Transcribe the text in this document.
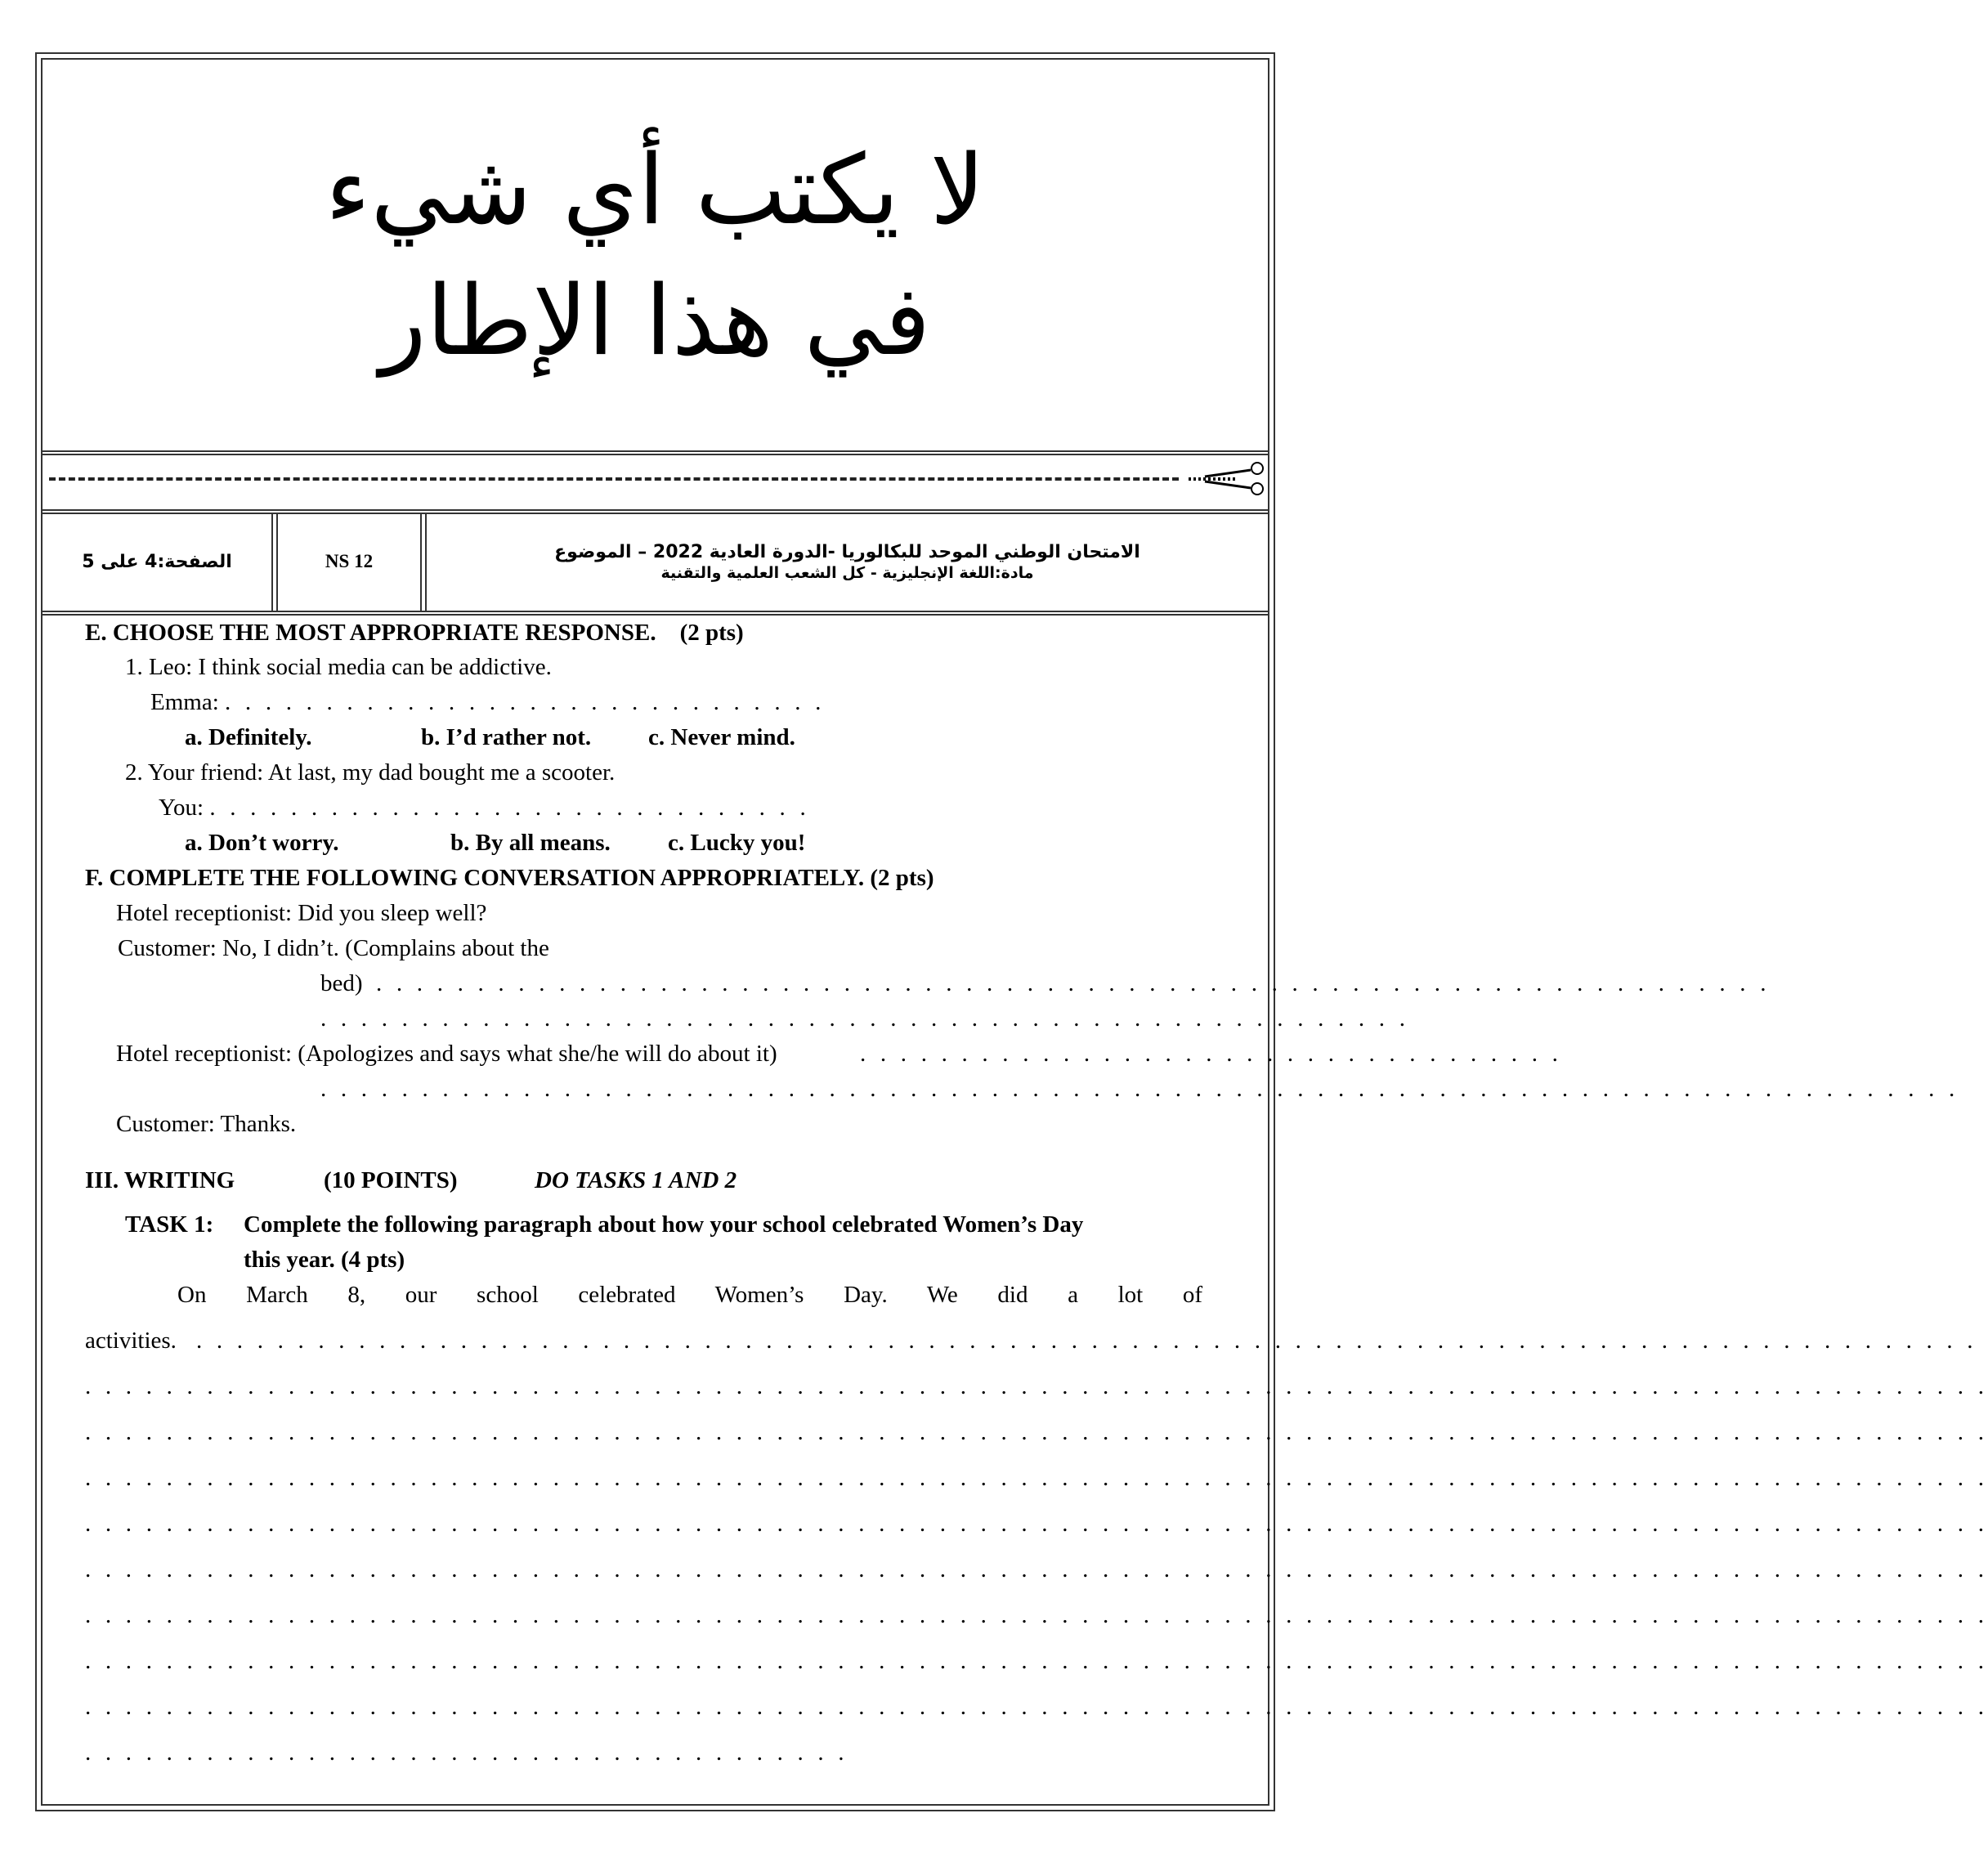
لا يكتب أي شيء
في هذا الإطار
الصفحة:4 على 5	NS 12	الامتحان الوطني الموحد للبكالوريا -الدورة العادية 2022 – الموضوع
مادة:اللغة الإنجليزية - كل الشعب العلمية والتقنية
E. CHOOSE THE MOST APPROPRIATE RESPONSE. (2 pts)
1. Leo: I think social media can be addictive.
Emma: . . . . . . . . . . . . . . . . . . . . . . . . . . . . . .
a. Definitely.	b. I’d rather not. c. Never mind.
2. Your friend: At last, my dad bought me a scooter.
You: . . . . . . . . . . . . . . . . . . . . . . . . . . . . . .
a. Don’t worry.	b. By all means. c. Lucky you!
F. COMPLETE THE FOLLOWING CONVERSATION APPROPRIATELY. (2 pts)
Hotel receptionist: Did you sleep well?
Customer: No, I didn’t. (Complains about the
bed) . . . . . . . . . . . . . . . . . . . . . . . . . . . . . . . . . . . . . . . . . . . . . . . . . . . . . . . . . . . . . . . . . . . . .
. . . . . . . . . . . . . . . . . . . . . . . . . . . . . . . . . . . . . . . . . . . . . . . . . . . . . .
Hotel receptionist: (Apologizes and says what she/he will do about it)	. . . . . . . . . . . . . . . . . . . . . . . . . . . . . . . . . . .
. . . . . . . . . . . . . . . . . . . . . . . . . . . . . . . . . . . . . . . . . . . . . . . . . . . . . . . . . . . . . . . . . . . . . . . . . . . . . . . . .
Customer: Thanks.
III. WRITING	(10 POINTS)	DO TASKS 1 AND 2
TASK 1: Complete the following paragraph about how your school celebrated Women’s Day
this year. (4 pts)
On March 8, our school celebrated Women’s Day. We did a lot of
activities. . . . . . . . . . . . . . . . . . . . . . . . . . . . . . . . . . . . . . . . . . . . . . . . . . . . . . . . . . . . . . . . . . . . . . . . . . . . . . . . . . . . . . . . .
. . . . . . . . . . . . . . . . . . . . . . . . . . . . . . . . . . . . . . . . . . . . . . . . . . . . . . . . . . . . . . . . . . . . . . . . . . . . . . . . . . . . . . . . . . . . . .
. . . . . . . . . . . . . . . . . . . . . . . . . . . . . . . . . . . . . . . . . . . . . . . . . . . . . . . . . . . . . . . . . . . . . . . . . . . . . . . . . . . . . . . . . . . . . .
. . . . . . . . . . . . . . . . . . . . . . . . . . . . . . . . . . . . . . . . . . . . . . . . . . . . . . . . . . . . . . . . . . . . . . . . . . . . . . . . . . . . . . . . . . . . . .
. . . . . . . . . . . . . . . . . . . . . . . . . . . . . . . . . . . . . . . . . . . . . . . . . . . . . . . . . . . . . . . . . . . . . . . . . . . . . . . . . . . . . . . . . . . . . .
. . . . . . . . . . . . . . . . . . . . . . . . . . . . . . . . . . . . . . . . . . . . . . . . . . . . . . . . . . . . . . . . . . . . . . . . . . . . . . . . . . . . . . . . . . . . . .
. . . . . . . . . . . . . . . . . . . . . . . . . . . . . . . . . . . . . . . . . . . . . . . . . . . . . . . . . . . . . . . . . . . . . . . . . . . . . . . . . . . . . . . . . . . . . .
. . . . . . . . . . . . . . . . . . . . . . . . . . . . . . . . . . . . . . . . . . . . . . . . . . . . . . . . . . . . . . . . . . . . . . . . . . . . . . . . . . . . . . . . . . . . . .
. . . . . . . . . . . . . . . . . . . . . . . . . . . . . . . . . . . . . . . . . . . . . . . . . . . . . . . . . . . . . . . . . . . . . . . . . . . . . . . . . . . . . . . . . . . . . .
. . . . . . . . . . . . . . . . . . . . . . . . . . . . . . . . . . . . . .
